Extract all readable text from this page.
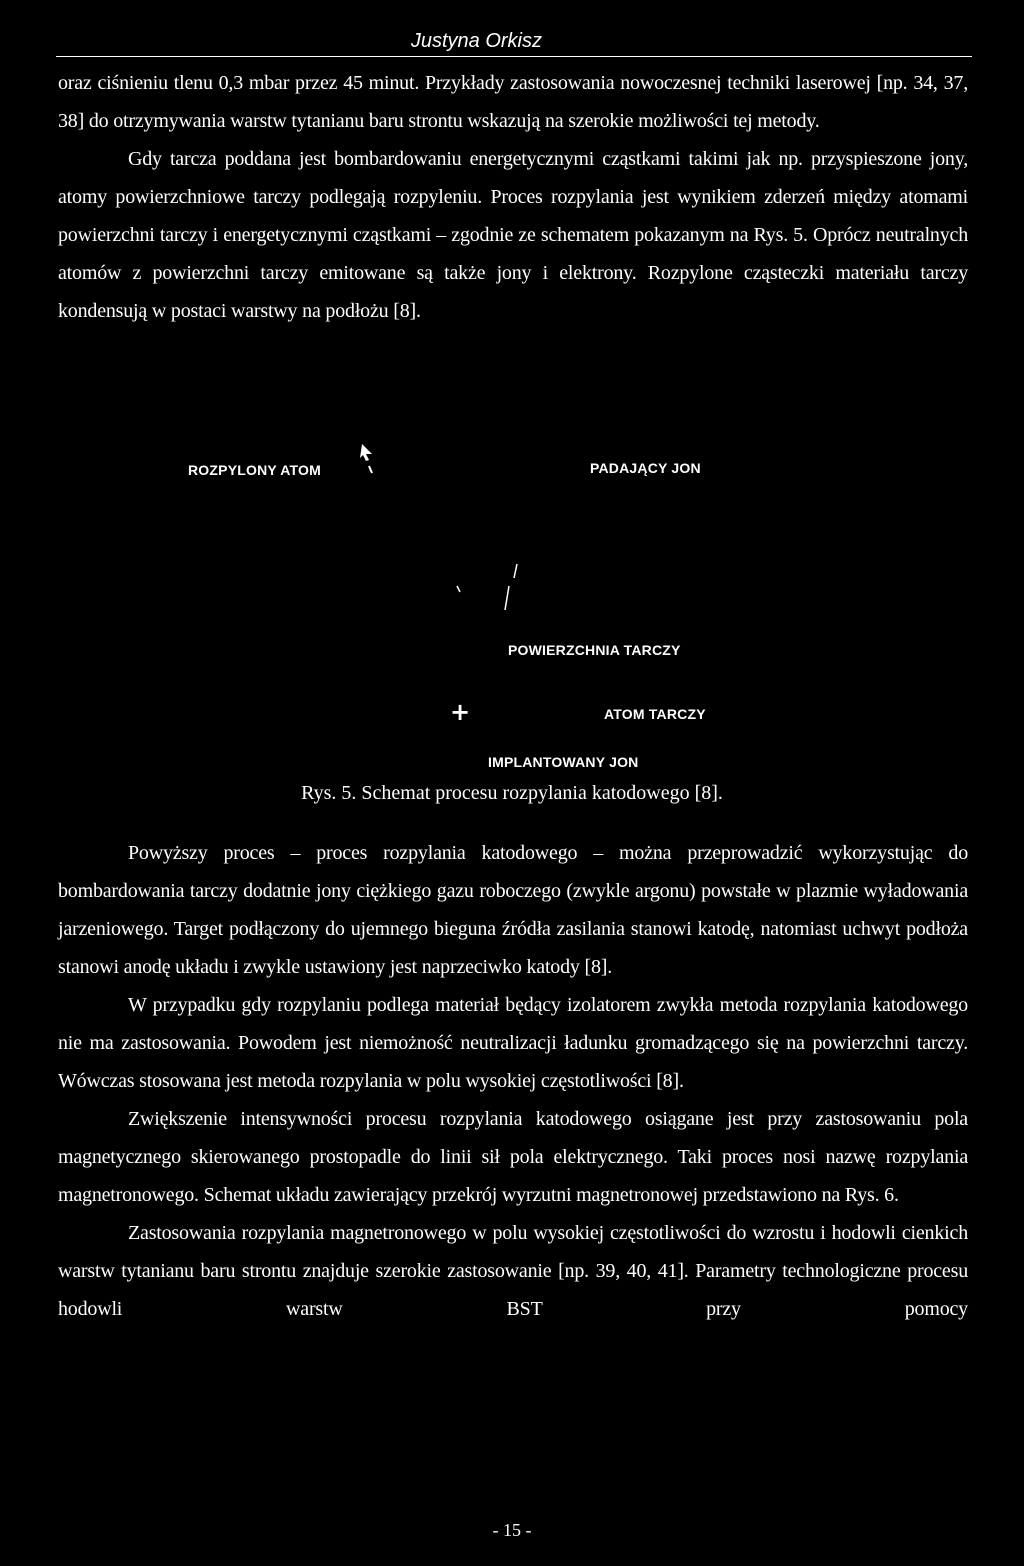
Justyna Orkisz

oraz ciśnieniu tlenu 0,3 mbar przez 45 minut. Przykłady zastosowania nowoczesnej techniki laserowej [np. 34, 37, 38] do otrzymywania warstw tytanianu baru strontu wskazują na szerokie możliwości tej metody.

Gdy tarcza poddana jest bombardowaniu energetycznymi cząstkami takimi jak np. przyspieszone jony, atomy powierzchniowe tarczy podlegają rozpyleniu. Proces rozpylania jest wynikiem zderzeń między atomami powierzchni tarczy i energetycznymi cząstkami – zgodnie ze schematem pokazanym na Rys. 5. Oprócz neutralnych atomów z powierzchni tarczy emitowane są także jony i elektrony. Rozpylone cząsteczki materiału tarczy kondensują w postaci warstwy na podłożu [8].

ROZPYLONY ATOM	PADAJĄCY JON
POWIERZCHNIA TARCZY
+	ATOM TARCZY
IMPLANTOWANY JON
Rys. 5. Schemat procesu rozpylania katodowego [8].

Powyższy proces – proces rozpylania katodowego – można przeprowadzić wykorzystując do bombardowania tarczy dodatnie jony ciężkiego gazu roboczego (zwykle argonu) powstałe w plazmie wyładowania jarzeniowego. Target podłączony do ujemnego bieguna źródła zasilania stanowi katodę, natomiast uchwyt podłoża stanowi anodę układu i zwykle ustawiony jest naprzeciwko katody [8].

W przypadku gdy rozpylaniu podlega materiał będący izolatorem zwykła metoda rozpylania katodowego nie ma zastosowania. Powodem jest niemożność neutralizacji ładunku gromadzącego się na powierzchni tarczy. Wówczas stosowana jest metoda rozpylania w polu wysokiej częstotliwości [8].

Zwiększenie intensywności procesu rozpylania katodowego osiągane jest przy zastosowaniu pola magnetycznego skierowanego prostopadle do linii sił pola elektrycznego. Taki proces nosi nazwę rozpylania magnetronowego. Schemat układu zawierający przekrój wyrzutni magnetronowej przedstawiono na Rys. 6.

Zastosowania rozpylania magnetronowego w polu wysokiej częstotliwości do wzrostu i hodowli cienkich warstw tytanianu baru strontu znajduje szerokie zastosowanie [np. 39, 40, 41]. Parametry technologiczne procesu hodowli warstw BST przy pomocy

- 15 -
